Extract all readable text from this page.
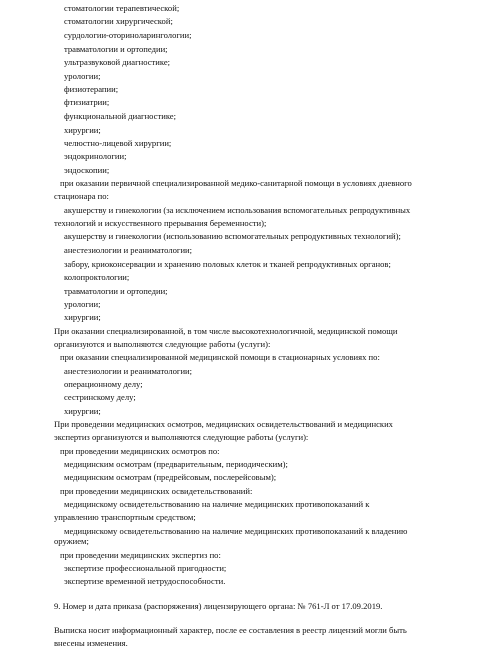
стоматологии терапевтической;
стоматологии хирургической;
сурдологии-оториноларингологии;
травматологии и ортопедии;
ультразвуковой диагностике;
урологии;
физиотерапии;
фтизиатрии;
функциональной диагностике;
хирургии;
челюстно-лицевой хирургии;
эндокринологии;
эндоскопии;
при оказании первичной специализированной медико-санитарной помощи в условиях дневного
стационара по:
акушерству и гинекологии (за исключением использования вспомогательных репродуктивных
технологий и искусственного прерывания беременности);
акушерству и гинекологии (использованию вспомогательных репродуктивных технологий);
анестезиологии и реаниматологии;
забору, криоконсервации и хранению половых клеток и тканей репродуктивных органов;
колопроктологии;
травматологии и ортопедии;
урологии;
хирургии;
При оказании специализированной, в том числе высокотехнологичной, медицинской помощи
организуются и выполняются следующие работы (услуги):
при оказании специализированной медицинской помощи в стационарных условиях по:
анестезиологии и реаниматологии;
операционному делу;
сестринскому делу;
хирургии;
При проведении медицинских осмотров, медицинских освидетельствований и медицинских
экспертиз организуются и выполняются следующие работы (услуги):
при проведении медицинских осмотров по:
медицинским осмотрам (предварительным, периодическим);
медицинским осмотрам (предрейсовым, послерейсовым);
при проведении медицинских освидетельствований:
медицинскому освидетельствованию на наличие медицинских противопоказаний к
управлению транспортным средством;
медицинскому освидетельствованию на наличие медицинских противопоказаний к владению
оружием;
при проведении медицинских экспертиз по:
экспертизе профессиональной пригодности;
экспертизе временной нетрудоспособности.
9. Номер и дата приказа (распоряжения) лицензирующего органа: № 761-Л от 17.09.2019.
Выписка носит информационный характер, после ее составления в реестр лицензий могли быть
внесены изменения.
